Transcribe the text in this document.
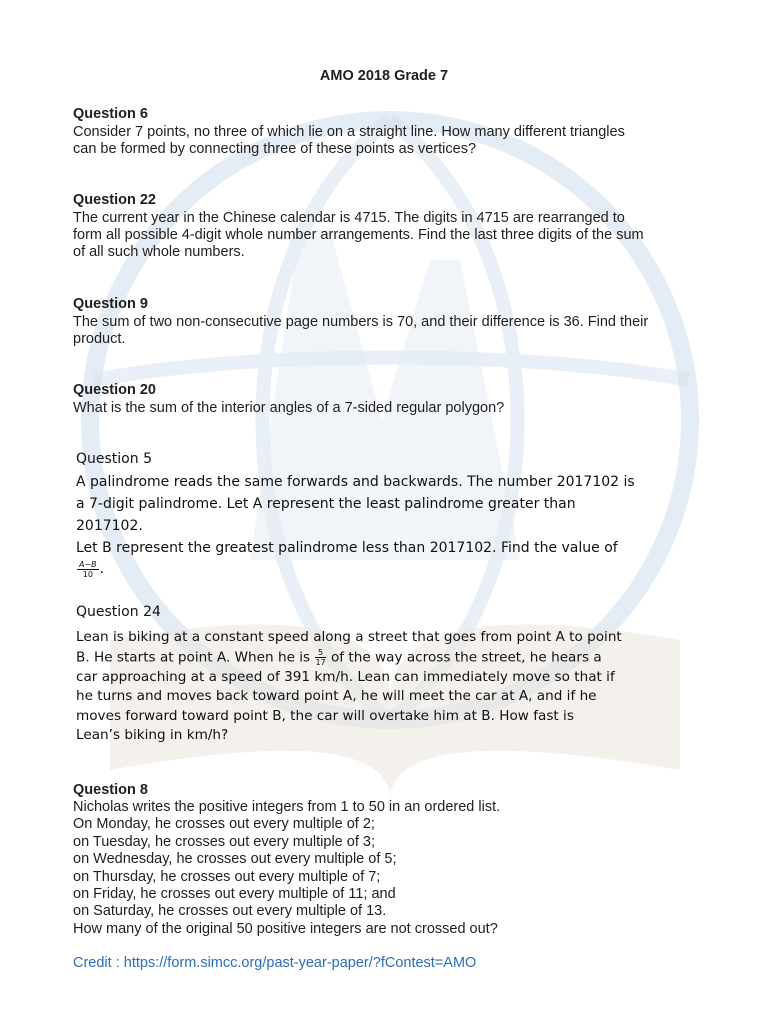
AMO 2018 Grade 7
Question 6
Consider 7 points, no three of which lie on a straight line. How many different triangles
can be formed by connecting three of these points as vertices?
Question 22
The current year in the Chinese calendar is 4715. The digits in 4715 are rearranged to
form all possible 4-digit whole number arrangements. Find the last three digits of the sum
of all such whole numbers.
Question 9
The sum of two non-consecutive page numbers is 70, and their difference is 36. Find their
product.
Question 20
What is the sum of the interior angles of a 7-sided regular polygon?
Question 5
A palindrome reads the same forwards and backwards. The number 2017102 is
a 7-digit palindrome. Let A represent the least palindrome greater than 2017102.
Let B represent the greatest palindrome less than 2017102. Find the value of
$\frac{A-B}{10}$ .
Question 24
Lean is biking at a constant speed along a street that goes from point A to point
B. He starts at point A. When he is $\frac{5}{17}$ of the way across the street, he hears a
car approaching at a speed of 391 km/h. Lean can immediately move so that if
he turns and moves back toward point A, he will meet the car at A, and if he
moves forward toward point B, the car will overtake him at B. How fast is
Lean’s biking in km/h?
Question 8
Nicholas writes the positive integers from 1 to 50 in an ordered list.
On Monday, he crosses out every multiple of 2;
on Tuesday, he crosses out every multiple of 3;
on Wednesday, he crosses out every multiple of 5;
on Thursday, he crosses out every multiple of 7;
on Friday, he crosses out every multiple of 11; and
on Saturday, he crosses out every multiple of 13.
How many of the original 50 positive integers are not crossed out?
Credit : https://form.simcc.org/past-year-paper/?fContest=AMO
